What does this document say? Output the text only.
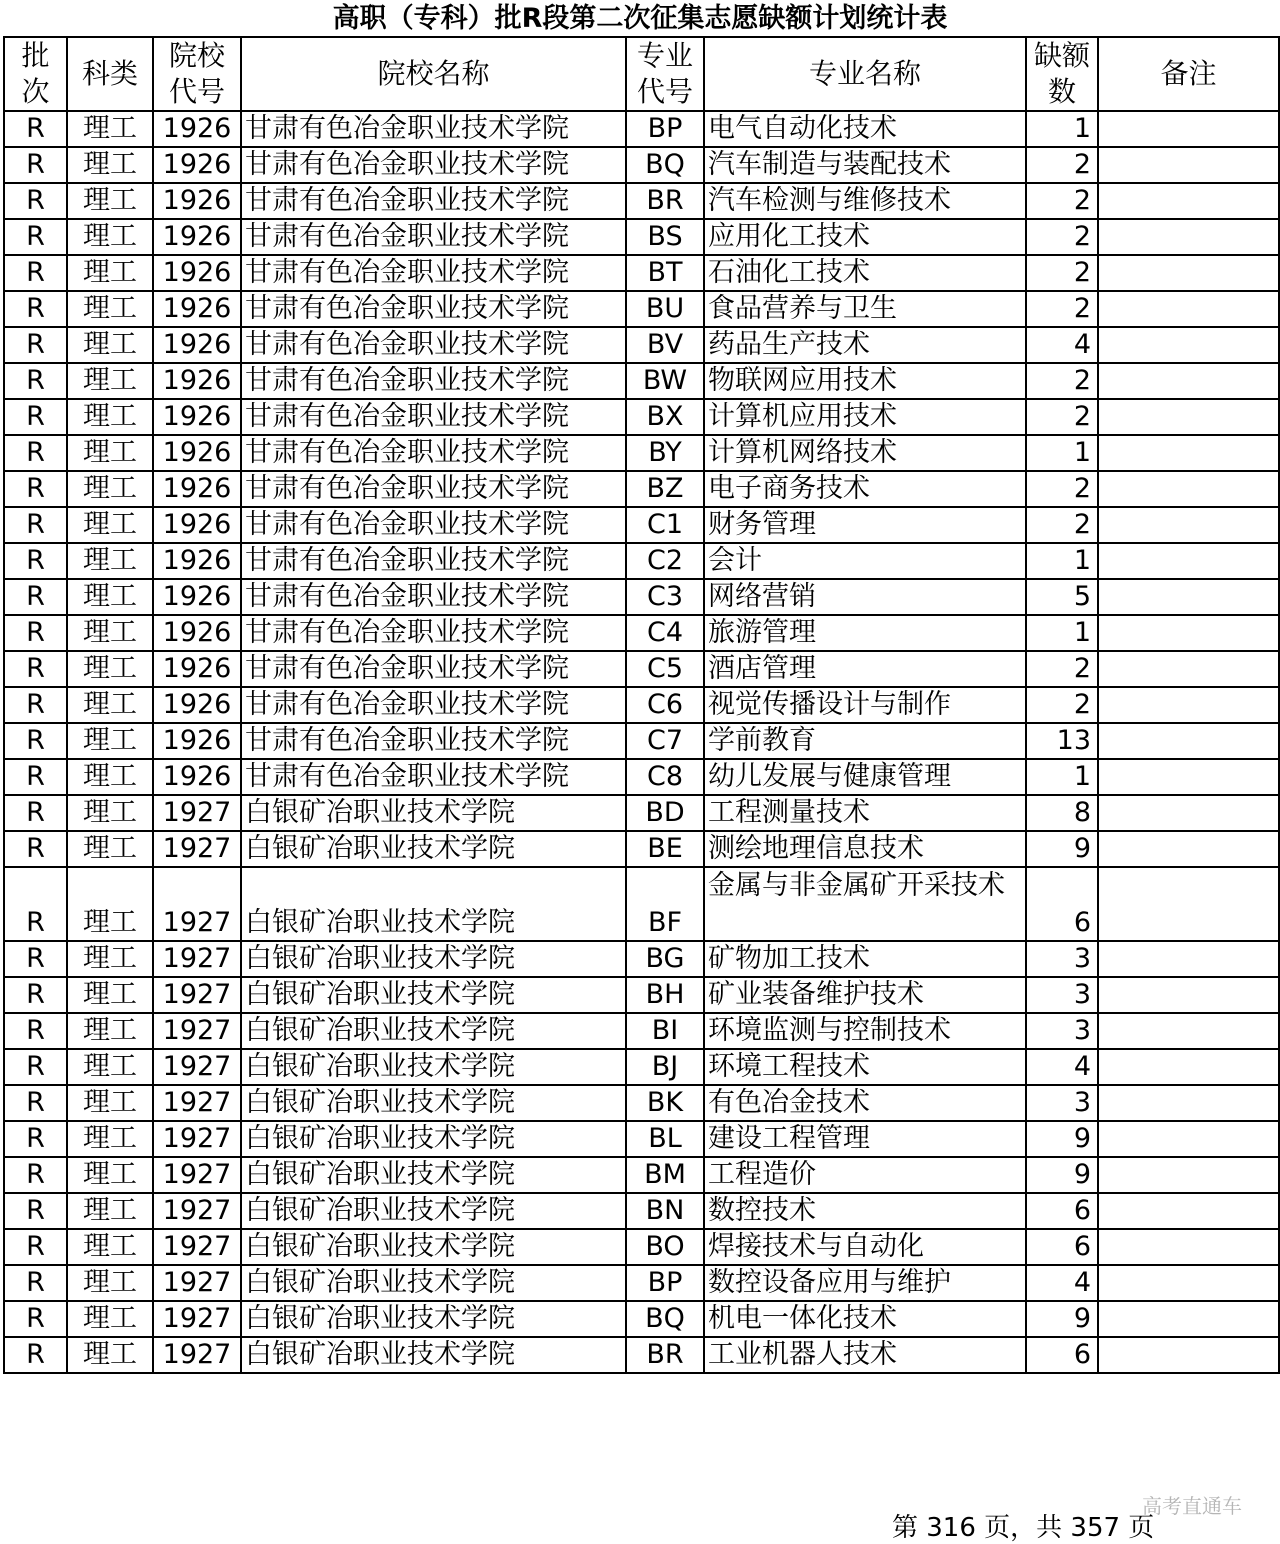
高职（专科）批R段第二次征集志愿缺额计划统计表
批次	科类	院校代号	院校名称	专业代号	专业名称	缺额数	备注
R	理工	1926	甘肃有色冶金职业技术学院	BP	电气自动化技术	1	
R	理工	1926	甘肃有色冶金职业技术学院	BQ	汽车制造与装配技术	2	
R	理工	1926	甘肃有色冶金职业技术学院	BR	汽车检测与维修技术	2	
R	理工	1926	甘肃有色冶金职业技术学院	BS	应用化工技术	2	
R	理工	1926	甘肃有色冶金职业技术学院	BT	石油化工技术	2	
R	理工	1926	甘肃有色冶金职业技术学院	BU	食品营养与卫生	2	
R	理工	1926	甘肃有色冶金职业技术学院	BV	药品生产技术	4	
R	理工	1926	甘肃有色冶金职业技术学院	BW	物联网应用技术	2	
R	理工	1926	甘肃有色冶金职业技术学院	BX	计算机应用技术	2	
R	理工	1926	甘肃有色冶金职业技术学院	BY	计算机网络技术	1	
R	理工	1926	甘肃有色冶金职业技术学院	BZ	电子商务技术	2	
R	理工	1926	甘肃有色冶金职业技术学院	C1	财务管理	2	
R	理工	1926	甘肃有色冶金职业技术学院	C2	会计	1	
R	理工	1926	甘肃有色冶金职业技术学院	C3	网络营销	5	
R	理工	1926	甘肃有色冶金职业技术学院	C4	旅游管理	1	
R	理工	1926	甘肃有色冶金职业技术学院	C5	酒店管理	2	
R	理工	1926	甘肃有色冶金职业技术学院	C6	视觉传播设计与制作	2	
R	理工	1926	甘肃有色冶金职业技术学院	C7	学前教育	13	
R	理工	1926	甘肃有色冶金职业技术学院	C8	幼儿发展与健康管理	1	
R	理工	1927	白银矿冶职业技术学院	BD	工程测量技术	8	
R	理工	1927	白银矿冶职业技术学院	BE	测绘地理信息技术	9	
R	理工	1927	白银矿冶职业技术学院	BF	金属与非金属矿开采技术	6	
R	理工	1927	白银矿冶职业技术学院	BG	矿物加工技术	3	
R	理工	1927	白银矿冶职业技术学院	BH	矿业装备维护技术	3	
R	理工	1927	白银矿冶职业技术学院	BI	环境监测与控制技术	3	
R	理工	1927	白银矿冶职业技术学院	BJ	环境工程技术	4	
R	理工	1927	白银矿冶职业技术学院	BK	有色冶金技术	3	
R	理工	1927	白银矿冶职业技术学院	BL	建设工程管理	9	
R	理工	1927	白银矿冶职业技术学院	BM	工程造价	9	
R	理工	1927	白银矿冶职业技术学院	BN	数控技术	6	
R	理工	1927	白银矿冶职业技术学院	BO	焊接技术与自动化	6	
R	理工	1927	白银矿冶职业技术学院	BP	数控设备应用与维护	4	
R	理工	1927	白银矿冶职业技术学院	BQ	机电一体化技术	9	
R	理工	1927	白银矿冶职业技术学院	BR	工业机器人技术	6	
高考直通车
第 316 页，共 357 页
